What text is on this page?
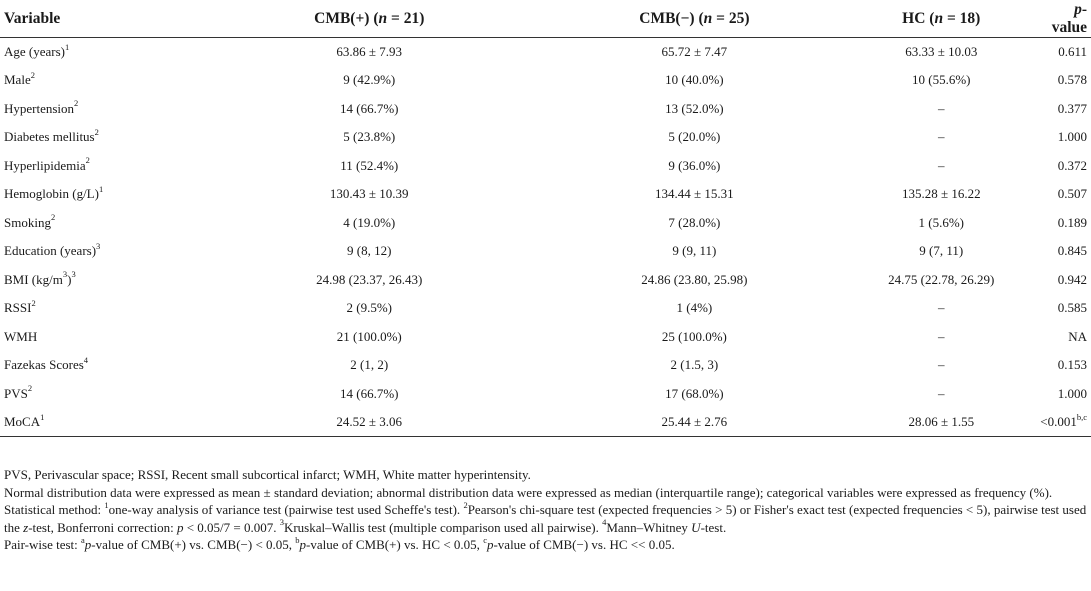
Variable	CMB(+) (n = 21)	CMB(−) (n = 25)	HC (n = 18)	p-value
Age (years)$^1$	63.86 ± 7.93	65.72 ± 7.47	63.33 ± 10.03	0.611
Male$^2$	9 (42.9%)	10 (40.0%)	10 (55.6%)	0.578
Hypertension$^2$	14 (66.7%)	13 (52.0%)	–	0.377
Diabetes mellitus$^2$	5 (23.8%)	5 (20.0%)	–	1.000
Hyperlipidemia$^2$	11 (52.4%)	9 (36.0%)	–	0.372
Hemoglobin $(g/L)^1$	130.43 ± 10.39	134.44 ± 15.31	135.28 ± 16.22	0.507
Smoking$^2$	4 (19.0%)	7 (28.0%)	1 (5.6%)	0.189
Education (years)$^3$	9 (8, 12)	9 (9, 11)	9 (7, 11)	0.845
BMI $(kg/m^3)^3$	24.98 (23.37, 26.43)	24.86 (23.80, 25.98)	24.75 (22.78, 26.29)	0.942
RSSI$^2$	2 (9.5%)	1 (4%)	–	0.585
WMH	21 (100.0%)	25 (100.0%)	–	NA
Fazekas Scores$^4$	2 (1, 2)	2 (1.5, 3)	–	0.153
PVS$^2$	14 (66.7%)	17 (68.0%)	–	1.000
MoCA$^1$	24.52 ± 3.06	25.44 ± 2.76	28.06 ± 1.55	$<0.001^{b,c}$

PVS, Perivascular space; RSSI, Recent small subcortical infarct; WMH, White matter hyperintensity.

Normal distribution data were expressed as mean ± standard deviation; abnormal distribution data were expressed as median (interquartile range); categorical variables were expressed as frequency (%).

Statistical method: $^1$one-way analysis of variance test (pairwise test used Scheffe's test). $^2$Pearson's chi-square test (expected frequencies > 5) or Fisher's exact test (expected frequencies < 5), pairwise test used the z-test, Bonferroni correction: p < 0.05/7 = 0.007. $^3$Kruskal–Wallis test (multiple comparison used all pairwise). $^4$Mann–Whitney U-test.

Pair-wise test: $^a$p-value of CMB(+) vs. CMB(−) < 0.05, $^b$p-value of CMB(+) vs. HC < 0.05, $^c$p-value of CMB(−) vs. HC << 0.05.
